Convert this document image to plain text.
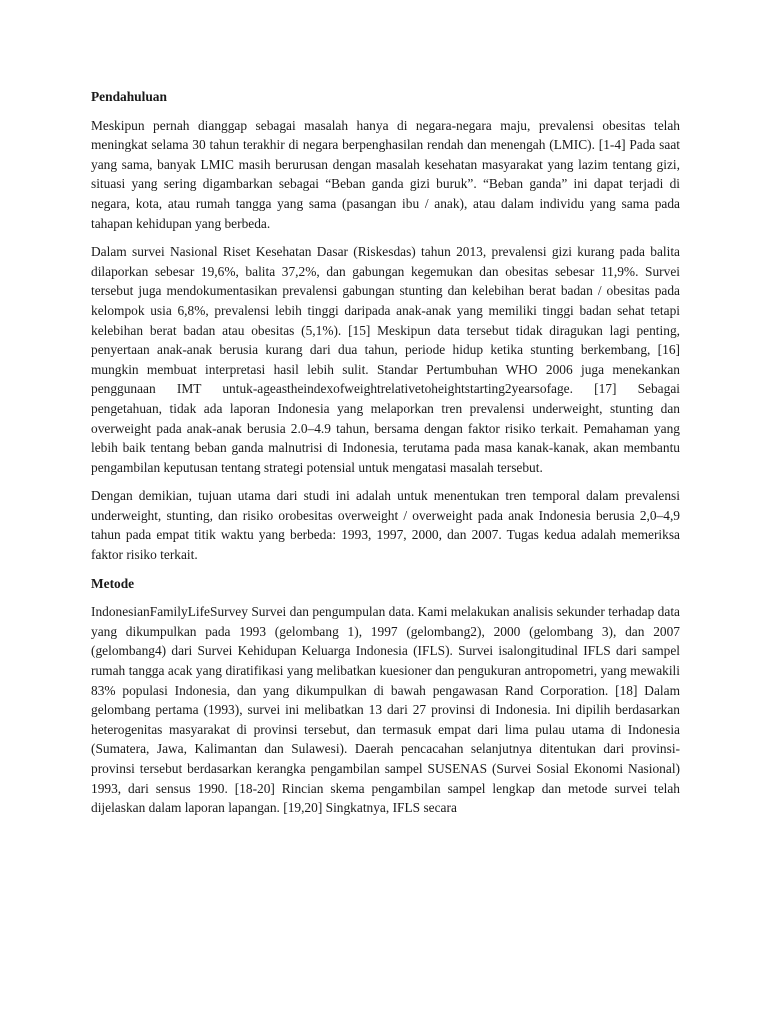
Pendahuluan

Meskipun pernah dianggap sebagai masalah hanya di negara-negara maju, prevalensi obesitas telah meningkat selama 30 tahun terakhir di negara berpenghasilan rendah dan menengah (LMIC). [1-4] Pada saat yang sama, banyak LMIC masih berurusan dengan masalah kesehatan masyarakat yang lazim tentang gizi, situasi yang sering digambarkan sebagai “Beban ganda gizi buruk”. “Beban ganda” ini dapat terjadi di negara, kota, atau rumah tangga yang sama (pasangan ibu / anak), atau dalam individu yang sama pada tahapan kehidupan yang berbeda.

Dalam survei Nasional Riset Kesehatan Dasar (Riskesdas) tahun 2013, prevalensi gizi kurang pada balita dilaporkan sebesar 19,6%, balita 37,2%, dan gabungan kegemukan dan obesitas sebesar 11,9%. Survei tersebut juga mendokumentasikan prevalensi gabungan stunting dan kelebihan berat badan / obesitas pada kelompok usia 6,8%, prevalensi lebih tinggi daripada anak-anak yang memiliki tinggi badan sehat tetapi kelebihan berat badan atau obesitas (5,1%). [15] Meskipun data tersebut tidak diragukan lagi penting, penyertaan anak-anak berusia kurang dari dua tahun, periode hidup ketika stunting berkembang, [16] mungkin membuat interpretasi hasil lebih sulit. Standar Pertumbuhan WHO 2006 juga menekankan penggunaan IMT untuk-ageastheindexofweightrelativetoheightstarting2yearsofage. [17] Sebagai pengetahuan, tidak ada laporan Indonesia yang melaporkan tren prevalensi underweight, stunting dan overweight pada anak-anak berusia 2.0–4.9 tahun, bersama dengan faktor risiko terkait. Pemahaman yang lebih baik tentang beban ganda malnutrisi di Indonesia, terutama pada masa kanak-kanak, akan membantu pengambilan keputusan tentang strategi potensial untuk mengatasi masalah tersebut.

Dengan demikian, tujuan utama dari studi ini adalah untuk menentukan tren temporal dalam prevalensi underweight, stunting, dan risiko orobesitas overweight / overweight pada anak Indonesia berusia 2,0–4,9 tahun pada empat titik waktu yang berbeda: 1993, 1997, 2000, dan 2007. Tugas kedua adalah memeriksa faktor risiko terkait.

Metode

IndonesianFamilyLifeSurvey Survei dan pengumpulan data. Kami melakukan analisis sekunder terhadap data yang dikumpulkan pada 1993 (gelombang 1), 1997 (gelombang2), 2000 (gelombang 3), dan 2007 (gelombang4) dari Survei Kehidupan Keluarga Indonesia (IFLS). Survei isalongitudinal IFLS dari sampel rumah tangga acak yang diratifikasi yang melibatkan kuesioner dan pengukuran antropometri, yang mewakili 83% populasi Indonesia, dan yang dikumpulkan di bawah pengawasan Rand Corporation. [18] Dalam gelombang pertama (1993), survei ini melibatkan 13 dari 27 provinsi di Indonesia. Ini dipilih berdasarkan heterogenitas masyarakat di provinsi tersebut, dan termasuk empat dari lima pulau utama di Indonesia (Sumatera, Jawa, Kalimantan dan Sulawesi). Daerah pencacahan selanjutnya ditentukan dari provinsi-provinsi tersebut berdasarkan kerangka pengambilan sampel SUSENAS (Survei Sosial Ekonomi Nasional) 1993, dari sensus 1990. [18-20] Rincian skema pengambilan sampel lengkap dan metode survei telah dijelaskan dalam laporan lapangan. [19,20] Singkatnya, IFLS secara
